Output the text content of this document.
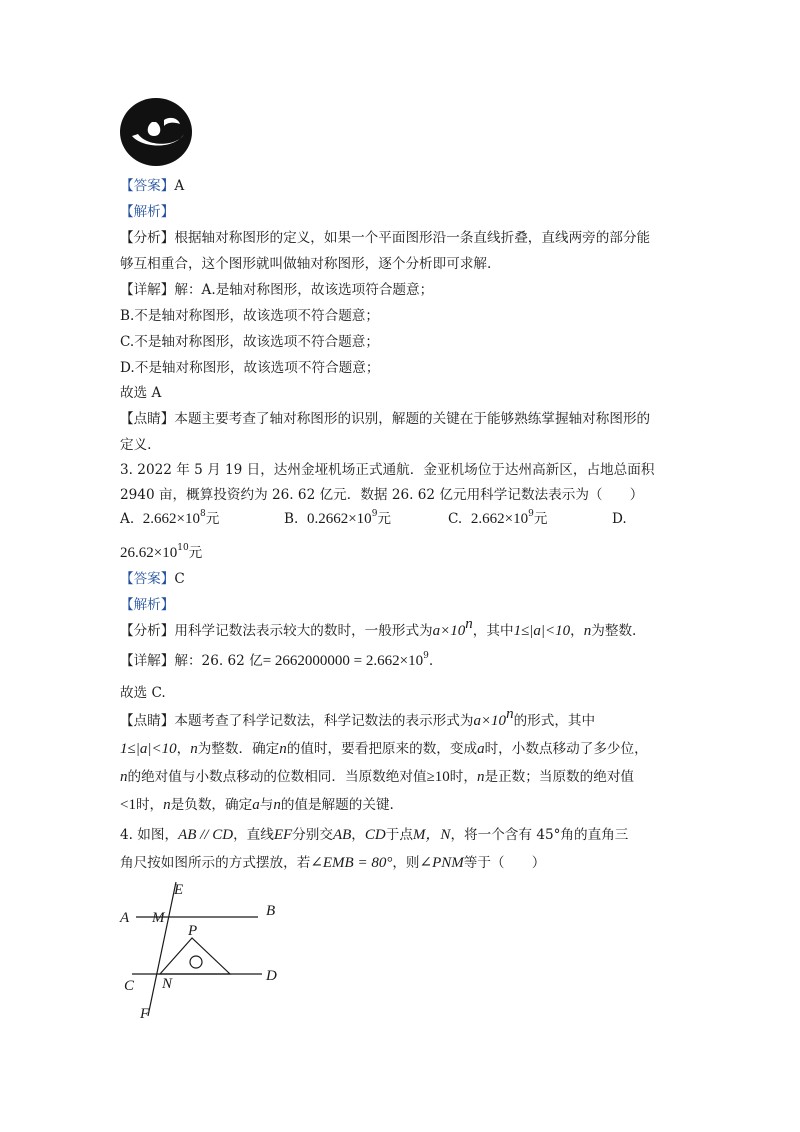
【答案】A
【解析】
【分析】根据轴对称图形的定义，如果一个平面图形沿一条直线折叠，直线两旁的部分能
够互相重合，这个图形就叫做轴对称图形，逐个分析即可求解.
【详解】解：A.是轴对称图形，故该选项符合题意；
B.不是轴对称图形，故该选项不符合题意；
C.不是轴对称图形，故该选项不符合题意；
D.不是轴对称图形，故该选项不符合题意；
故选 A
【点睛】本题主要考查了轴对称图形的识别，解题的关键在于能够熟练掌握轴对称图形的
定义.
3. 2022 年 5 月 19 日，达州金垭机场正式通航．金亚机场位于达州高新区，占地总面积
2940 亩，概算投资约为 26. 62 亿元．数据 26. 62 亿元用科学记数法表示为（　　）
A. $2.662\times 10^8$元	B. $0.2662\times 10^9$元	C. $2.662\times 10^9$元	D.
$26.62\times 10^{10}$元
【答案】C
【解析】
【分析】用科学记数法表示较大的数时，一般形式为$a\times 10^n$，其中1≤|a|<10，n为整数.
【详解】解：26. 62 亿= $2662000000 = 2.662\times 10^9$.
故选 C.
【点睛】本题考查了科学记数法，科学记数法的表示形式为$a\times 10^n$的形式，其中
1≤|a|<10，n为整数．确定n的值时，要看把原来的数，变成a时，小数点移动了多少位，
n的绝对值与小数点移动的位数相同．当原数绝对值≥10时，n是正数；当原数的绝对值
<1时，n是负数，确定a与n的值是解题的关键.
4. 如图，AB // CD，直线EF分别交AB，CD于点M，N，将一个含有 45°角的直角三
角尺按如图所示的方式摆放，若∠EMB = 80°，则∠PNM等于（　　）
A M
E
B
P
C N	D
F
